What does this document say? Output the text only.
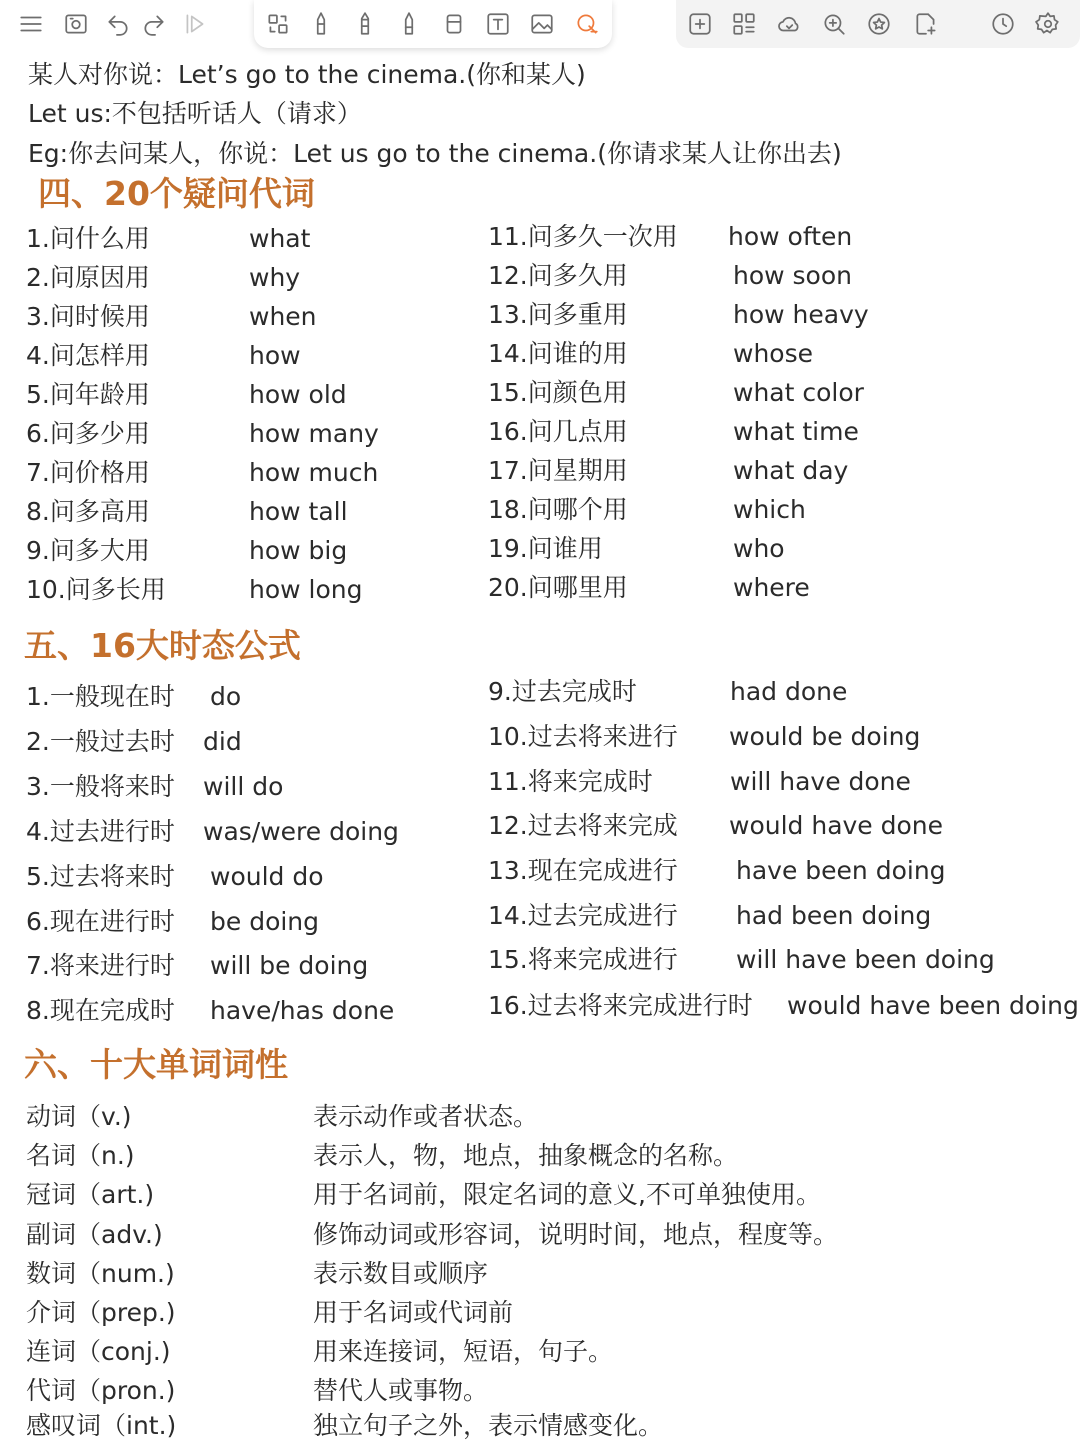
某人对你说：Let’s go to the cinema.(你和某人)
Let us:不包括听话人（请求）
Eg:你去问某人，你说：Let us go to the cinema.(你请求某人让你出去)
四、20个疑问代词
1.问什么用	what
2.问原因用	why
3.问时候用	when
4.问怎样用	how
5.问年龄用	how old
6.问多少用	how many
7.问价格用	how much
8.问多高用	how tall
9.问多大用	how big
10.问多长用	how long
11.问多久一次用 how often
12.问多久用	how soon
13.问多重用	how heavy
14.问谁的用	whose
15.问颜色用	what color
16.问几点用	what time
17.问星期用	what day
18.问哪个用	which
19.问谁用	who
20.问哪里用	where
五、16大时态公式
1.一般现在时 do
2.一般过去时 did
3.一般将来时 will do
4.过去进行时 was/were doing
5.过去将来时 would do
6.现在进行时 be doing
7.将来进行时 will be doing
8.现在完成时 have/has done
9.过去完成时	had done
10.过去将来进行 would be doing
11.将来完成时	will have done
12.过去将来完成 would have done
13.现在完成进行 have been doing
14.过去完成进行 had been doing
15.将来完成进行 will have been doing
16.过去将来完成进行时 would have been doing
六、十大单词词性
动词（v.)	表示动作或者状态。
名词（n.)	表示人，物，地点，抽象概念的名称。
冠词（art.)	用于名词前，限定名词的意义,不可单独使用。
副词（adv.)	修饰动词或形容词，说明时间，地点，程度等。
数词（num.)	表示数目或顺序
介词（prep.)	用于名词或代词前
连词（conj.)	用来连接词，短语，句子。
代词（pron.)	替代人或事物。
感叹词（int.)	独立句子之外，表示情感变化。
